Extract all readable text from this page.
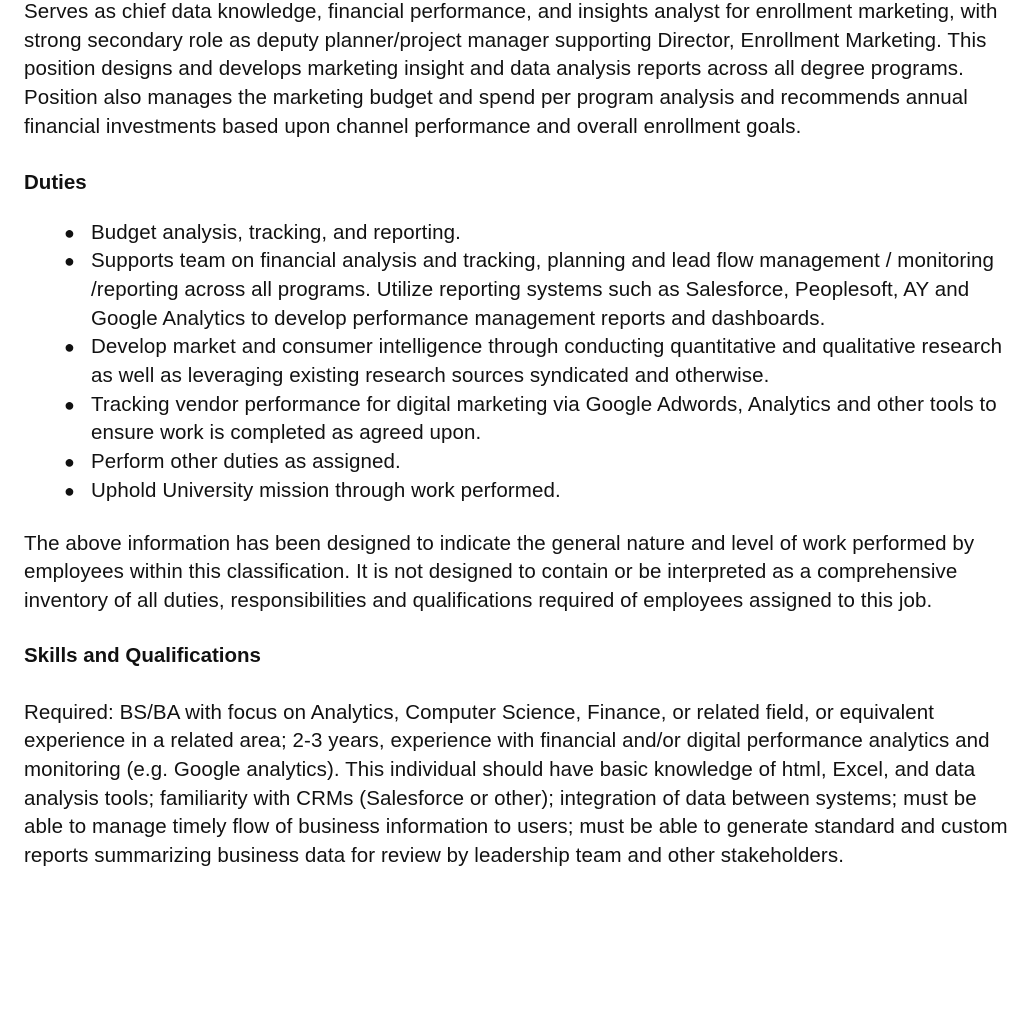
Serves as chief data knowledge, financial performance, and insights analyst for enrollment marketing, with strong secondary role as deputy planner/project manager supporting Director, Enrollment Marketing. This position designs and develops marketing insight and data analysis reports across all degree programs. Position also manages the marketing budget and spend per program analysis and recommends annual financial investments based upon channel performance and overall enrollment goals.

Duties
● Budget analysis, tracking, and reporting.
● Supports team on financial analysis and tracking, planning and lead flow management / monitoring /reporting across all programs. Utilize reporting systems such as Salesforce, Peoplesoft, AY and Google Analytics to develop performance management reports and dashboards.
● Develop market and consumer intelligence through conducting quantitative and qualitative research as well as leveraging existing research sources syndicated and otherwise.
● Tracking vendor performance for digital marketing via Google Adwords, Analytics and other tools to ensure work is completed as agreed upon.
● Perform other duties as assigned.
● Uphold University mission through work performed.

The above information has been designed to indicate the general nature and level of work performed by employees within this classification. It is not designed to contain or be interpreted as a comprehensive inventory of all duties, responsibilities and qualifications required of employees assigned to this job.

Skills and Qualifications

Required: BS/BA with focus on Analytics, Computer Science, Finance, or related field, or equivalent experience in a related area; 2-3 years, experience with financial and/or digital performance analytics and monitoring (e.g. Google analytics). This individual should have basic knowledge of html, Excel, and data analysis tools; familiarity with CRMs (Salesforce or other); integration of data between systems; must be able to manage timely flow of business information to users; must be able to generate standard and custom reports summarizing business data for review by leadership team and other stakeholders.
